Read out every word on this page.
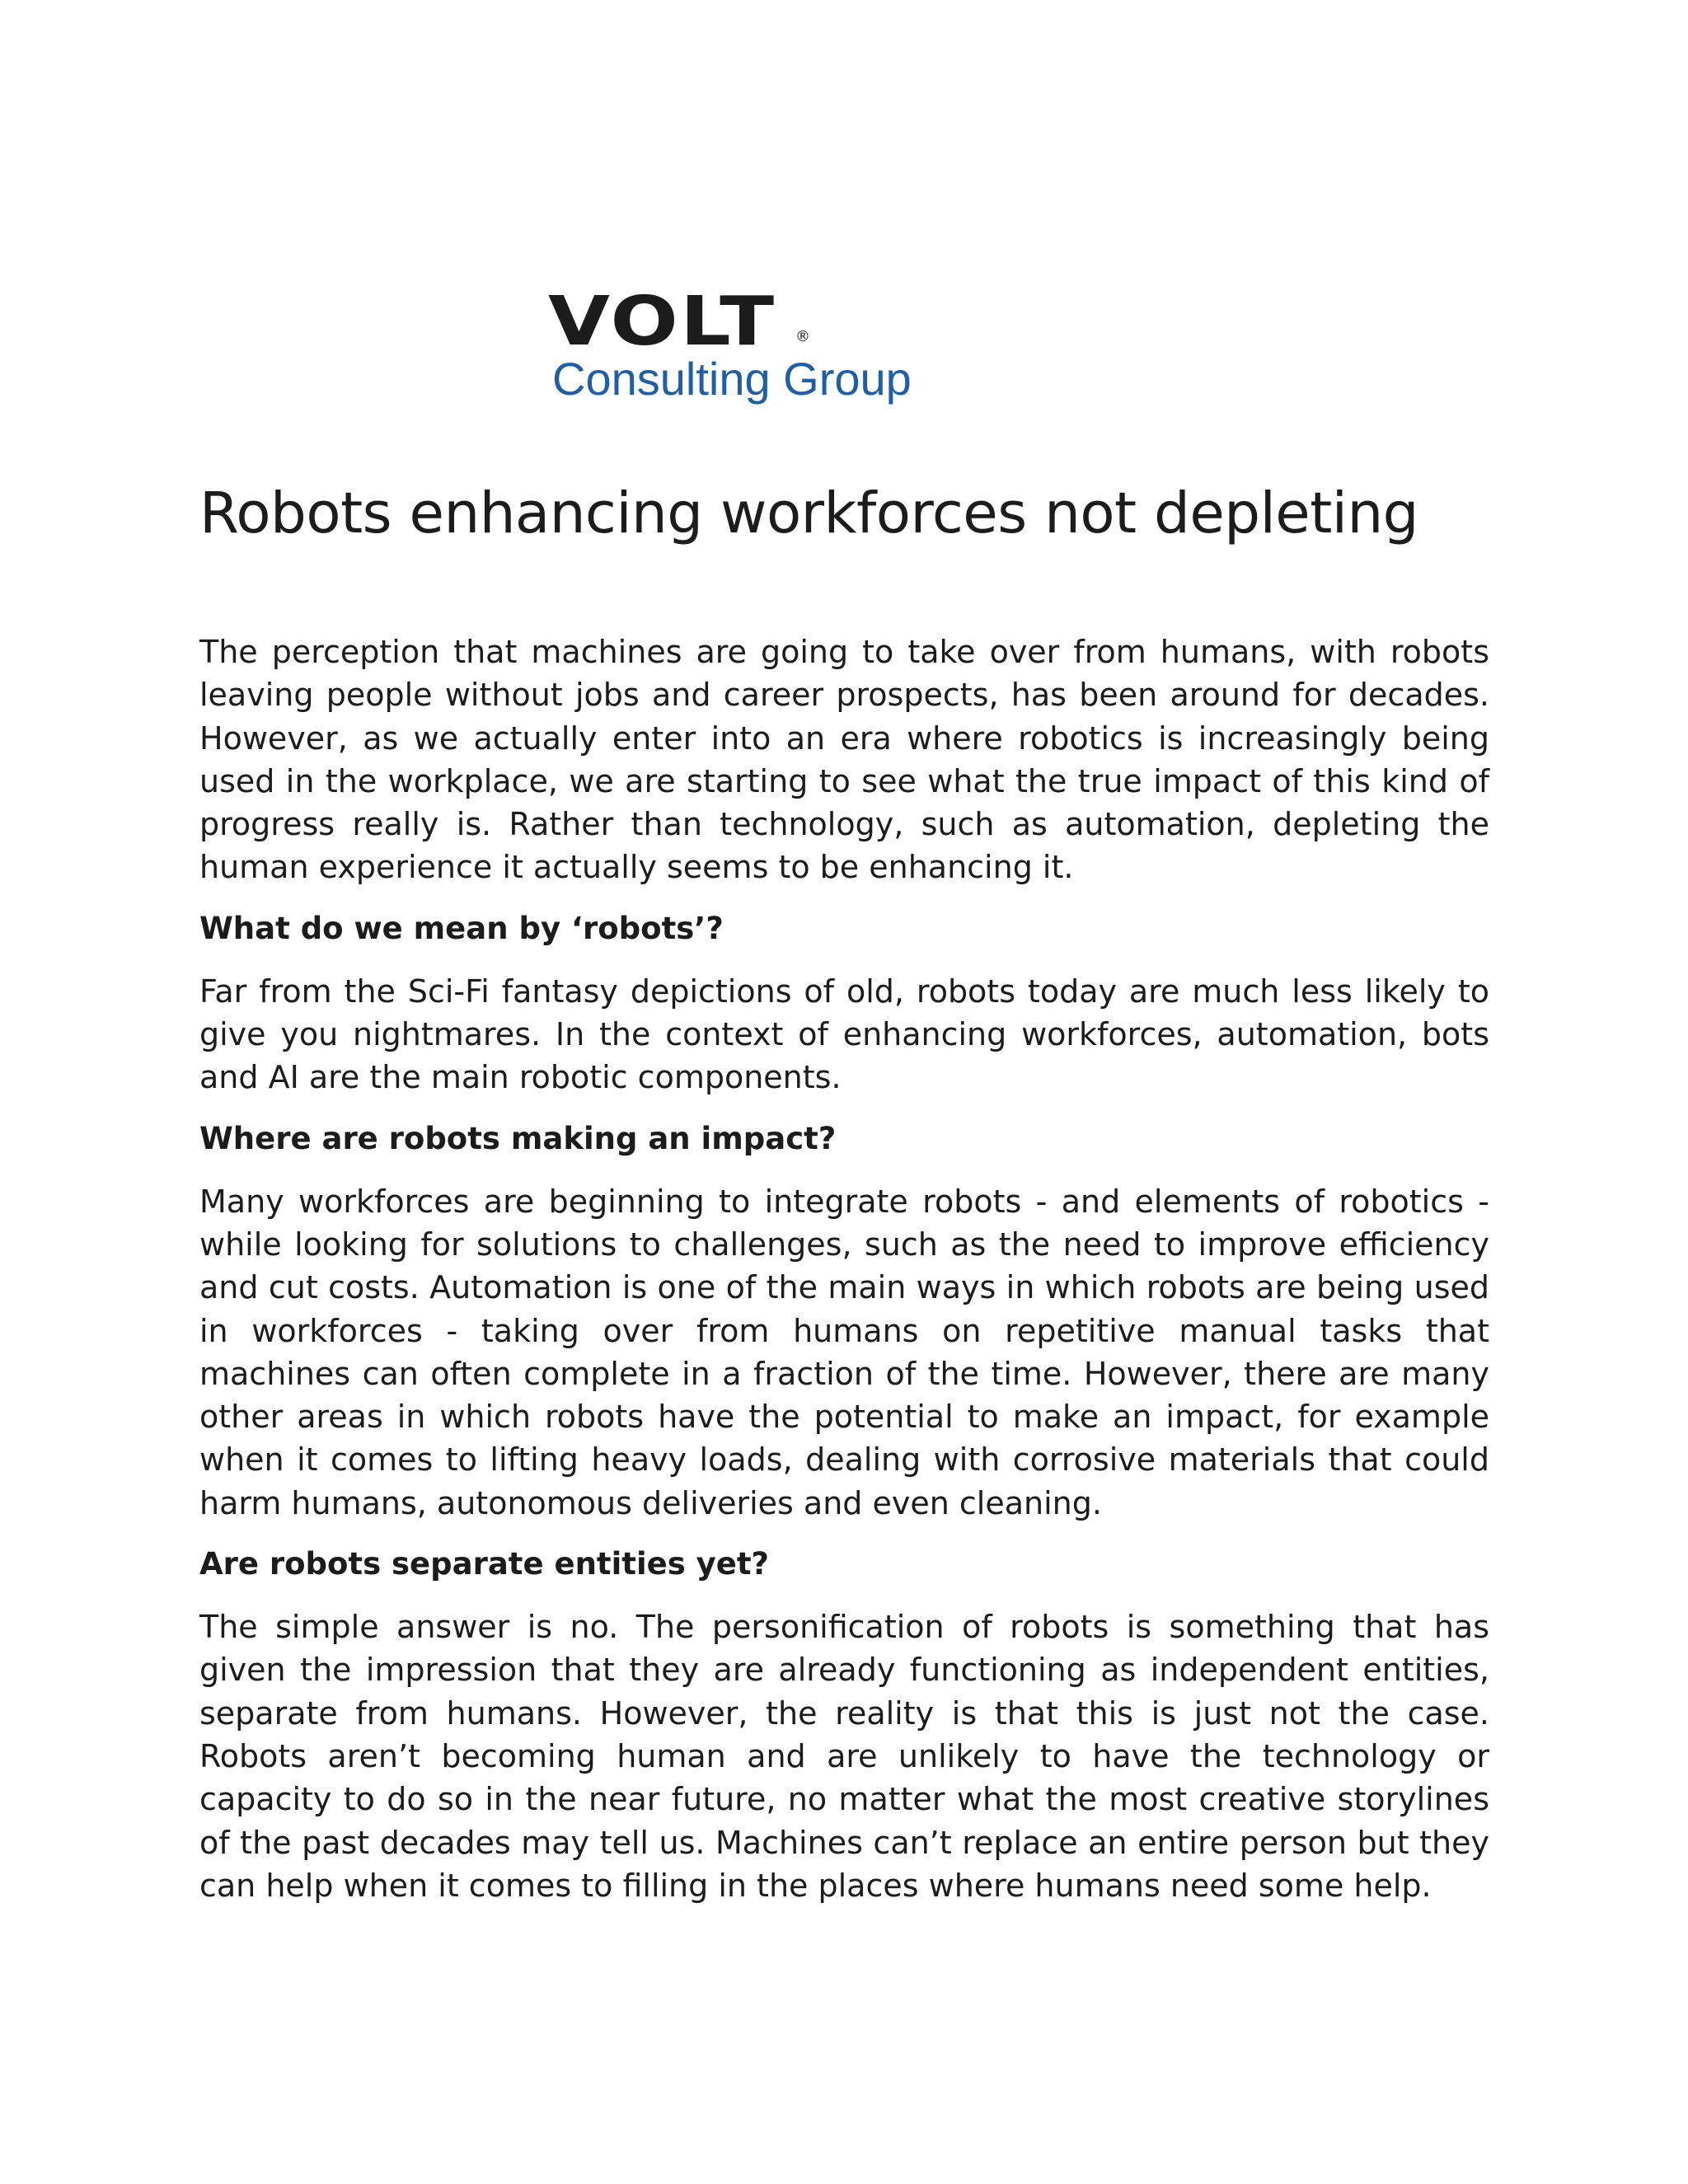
VOLT ®
Consulting Group
Robots enhancing workforces not depleting

The perception that machines are going to take over from humans, with robots leaving people without jobs and career prospects, has been around for decades. However, as we actually enter into an era where robotics is increasingly being used in the workplace, we are starting to see what the true impact of this kind of progress really is. Rather than technology, such as automation, depleting the human experience it actually seems to be enhancing it.

What do we mean by ‘robots’?

Far from the Sci-Fi fantasy depictions of old, robots today are much less likely to give you nightmares. In the context of enhancing workforces, automation, bots and AI are the main robotic components.

Where are robots making an impact?

Many workforces are beginning to integrate robots - and elements of robotics - while looking for solutions to challenges, such as the need to improve efficiency and cut costs. Automation is one of the main ways in which robots are being used in workforces - taking over from humans on repetitive manual tasks that machines can often complete in a fraction of the time. However, there are many other areas in which robots have the potential to make an impact, for example when it comes to lifting heavy loads, dealing with corrosive materials that could harm humans, autonomous deliveries and even cleaning.

Are robots separate entities yet?

The simple answer is no. The personification of robots is something that has given the impression that they are already functioning as independent entities, separate from humans. However, the reality is that this is just not the case. Robots aren’t becoming human and are unlikely to have the technology or capacity to do so in the near future, no matter what the most creative storylines of the past decades may tell us. Machines can’t replace an entire person but they can help when it comes to filling in the places where humans need some help.
